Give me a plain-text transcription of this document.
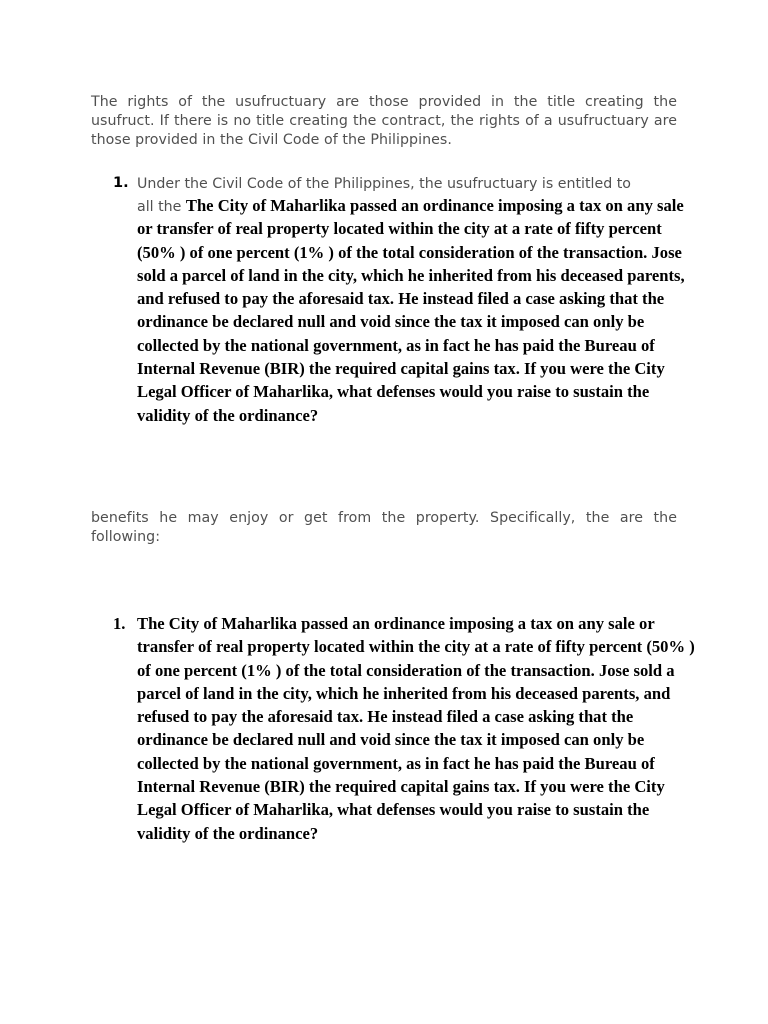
The rights of the usufructuary are those provided in the title creating the usufruct. If there is no title creating the contract, the rights of a usufructuary are those provided in the Civil Code of the Philippines.

1. Under the Civil Code of the Philippines, the usufructuary is entitled to
all the The City of Maharlika passed an ordinance imposing a tax on any sale or transfer of real property located within the city at a rate of fifty percent (50% ) of one percent (1% ) of the total consideration of the transaction. Jose sold a parcel of land in the city, which he inherited from his deceased parents, and refused to pay the aforesaid tax. He instead filed a case asking that the ordinance be declared null and void since the tax it imposed can only be collected by the national government, as in fact he has paid the Bureau of Internal Revenue (BIR) the required capital gains tax. If you were the City Legal Officer of Maharlika, what defenses would you raise to sustain the validity of the ordinance?

benefits he may enjoy or get from the property. Specifically, the are the following:

1. The City of Maharlika passed an ordinance imposing a tax on any sale or transfer of real property located within the city at a rate of fifty percent (50% ) of one percent (1% ) of the total consideration of the transaction. Jose sold a parcel of land in the city, which he inherited from his deceased parents, and refused to pay the aforesaid tax. He instead filed a case asking that the ordinance be declared null and void since the tax it imposed can only be collected by the national government, as in fact he has paid the Bureau of Internal Revenue (BIR) the required capital gains tax. If you were the City Legal Officer of Maharlika, what defenses would you raise to sustain the validity of the ordinance?
